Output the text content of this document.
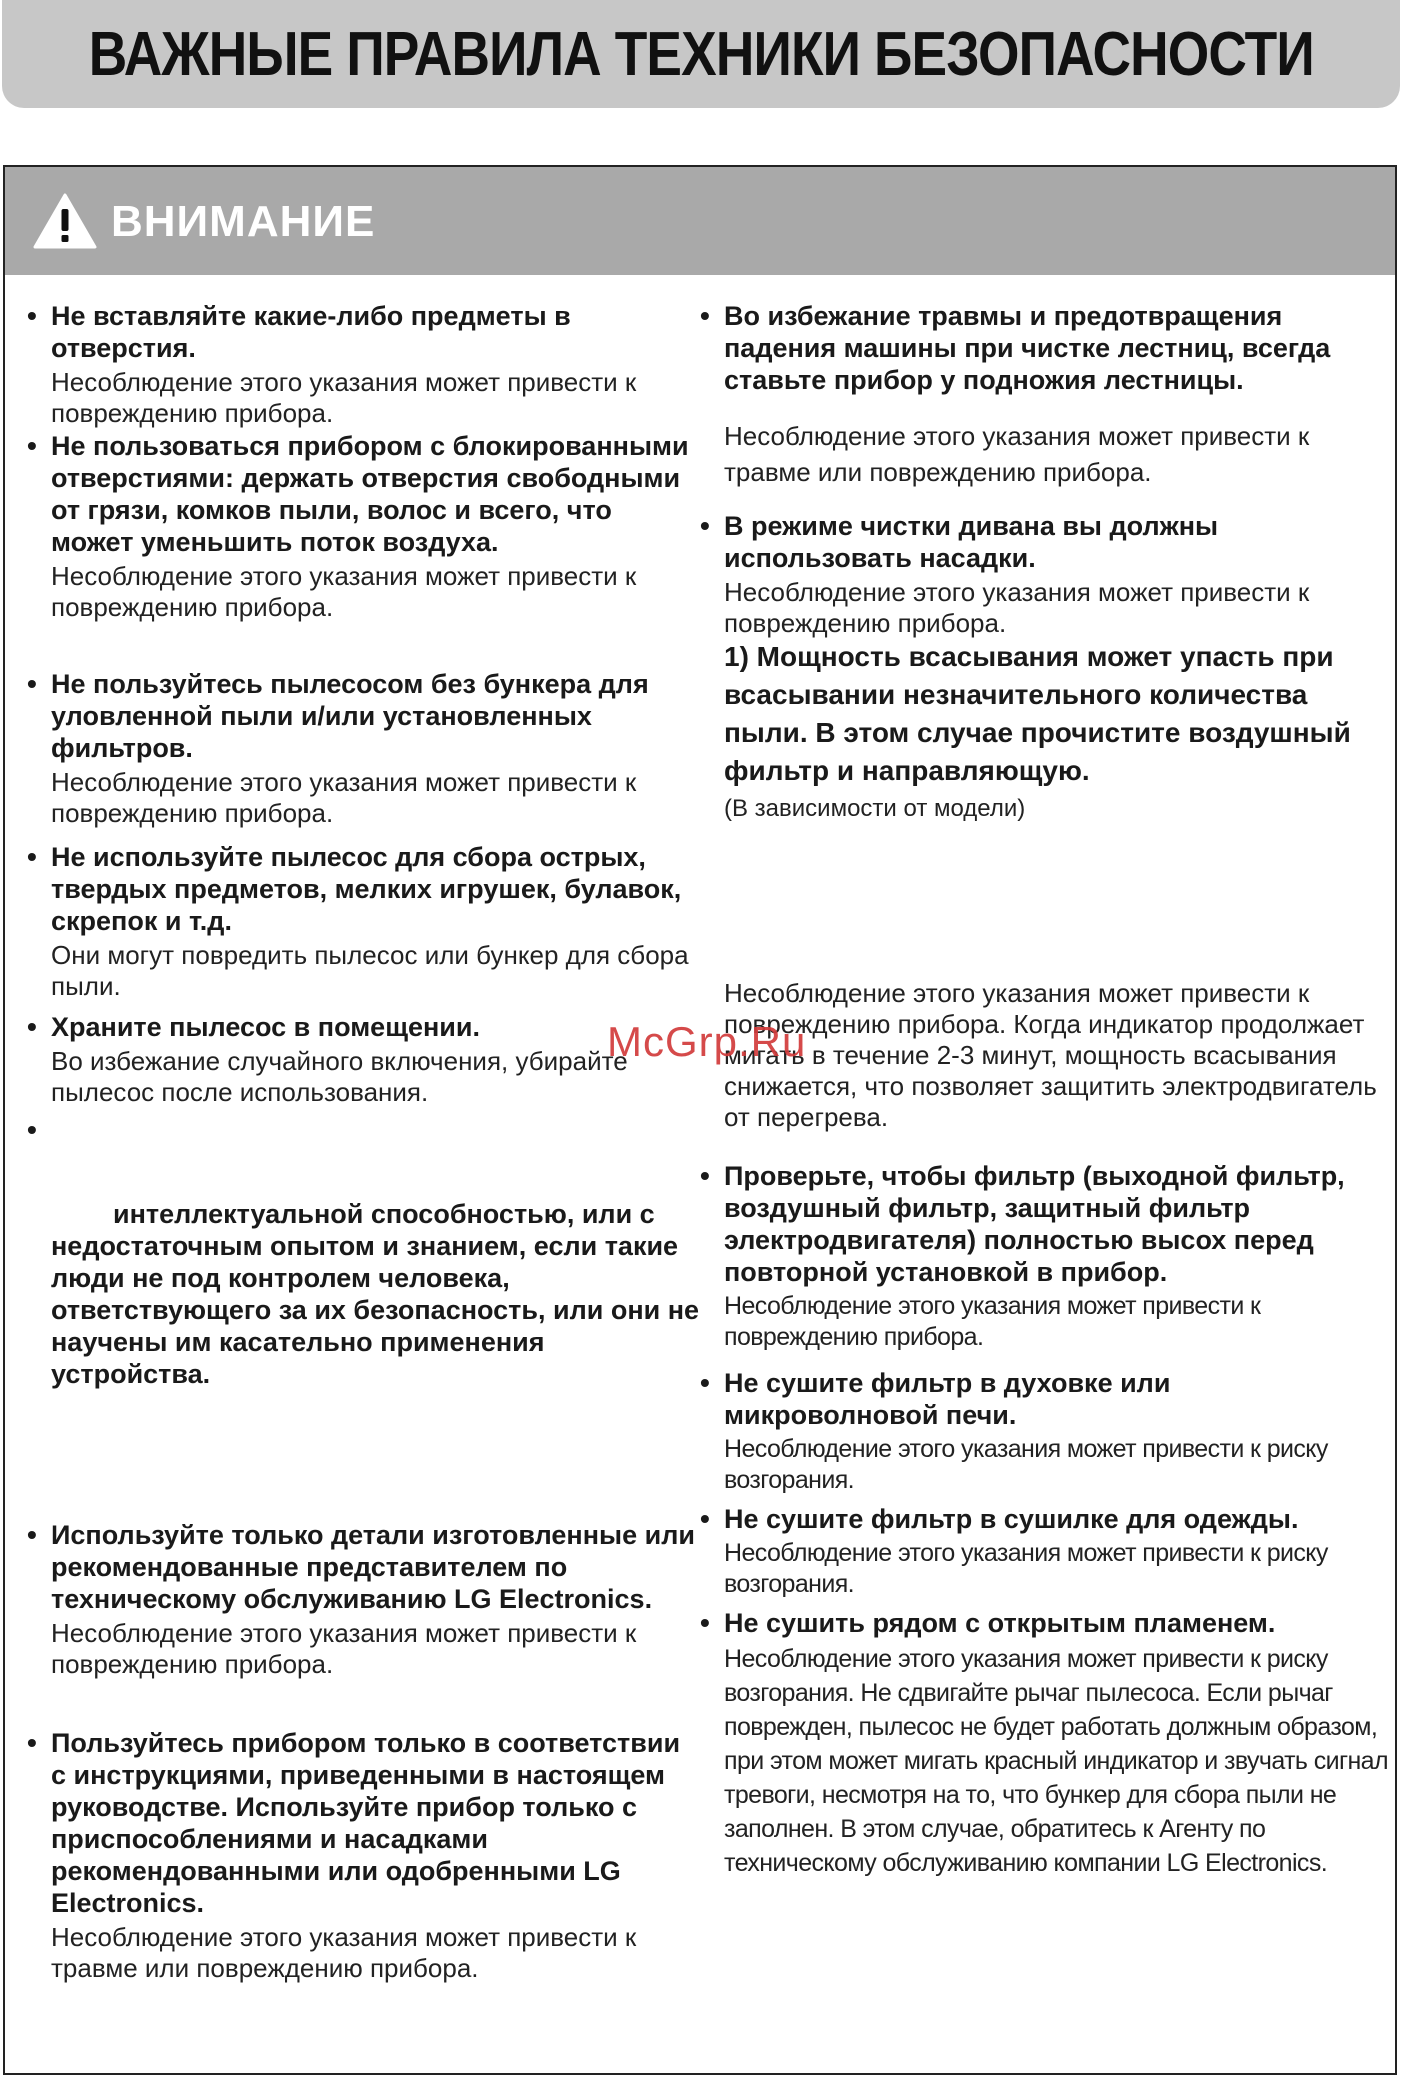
ВАЖНЫЕ ПРАВИЛА ТЕХНИКИ БЕЗОПАСНОСТИ
ВНИМАНИЕ
• Не вставляйте какие-либо предметы в отверстия.

Несоблюдение этого указания может привести к повреждению прибора.

• Не пользоваться прибором с блокированными отверстиями: держать отверстия свободными от грязи, комков пыли, волос и всего, что может уменьшить поток воздуха.

Несоблюдение этого указания может привести к повреждению прибора.

• Не пользуйтесь пылесосом без бункера для уловленной пыли и/или установленных фильтров.

Несоблюдение этого указания может привести к повреждению прибора.

• Не используйте пылесос для сбора острых, твердых предметов, мелких игрушек, булавок, скрепок и т.д.

Они могут повредить пылесос или бункер для сбора пыли.

• Храните пылесос в помещении.

Во избежание случайного включения, убирайте пылесос после использования.

•

интеллектуальной способностью, или с недостаточным опытом и знанием, если такие люди не под контролем человека, ответствующего за их безопасность, или они не научены им касательно применения устройства.

• Используйте только детали изготовленные или рекомендованные представителем по техническому обслуживанию LG Electronics.

Несоблюдение этого указания может привести к повреждению прибора.

• Пользуйтесь прибором только в соответствии с инструкциями, приведенными в настоящем руководстве. Используйте прибор только с приспособлениями и насадками рекомендованными или одобренными LG Electronics.

Несоблюдение этого указания может привести к травме или повреждению прибора.

• Во избежание травмы и предотвращения падения машины при чистке лестниц, всегда ставьте прибор у подножия лестницы.

Несоблюдение этого указания может привести к травме или повреждению прибора.

• В режиме чистки дивана вы должны использовать насадки.

Несоблюдение этого указания может привести к повреждению прибора.

1) Мощность всасывания может упасть при всасывании незначительного количества пыли. В этом случае прочистите воздушный фильтр и направляющую.

(В зависимости от модели)

Несоблюдение этого указания может привести к повреждению прибора. Когда индикатор продолжает мигать в течение 2-3 минут, мощность всасывания снижается, что позволяет защитить электродвигатель от перегрева.

• Проверьте, чтобы фильтр (выходной фильтр, воздушный фильтр, защитный фильтр электродвигателя) полностью высох перед повторной установкой в прибор.

Несоблюдение этого указания может привести к повреждению прибора.

• Не сушите фильтр в духовке или микроволновой печи.

Несоблюдение этого указания может привести к риску возгорания.

• Не сушите фильтр в сушилке для одежды.

Несоблюдение этого указания может привести к риску возгорания.

• Не сушить рядом с открытым пламенем.

Несоблюдение этого указания может привести к риску возгорания. Не сдвигайте рычаг пылесоса. Если рычаг поврежден, пылесос не будет работать должным образом, при этом может мигать красный индикатор и звучать сигнал тревоги, несмотря на то, что бункер для сбора пыли не заполнен. В этом случае, обратитесь к Агенту по техническому обслуживанию компании LG Electronics.

McGrp.Ru
